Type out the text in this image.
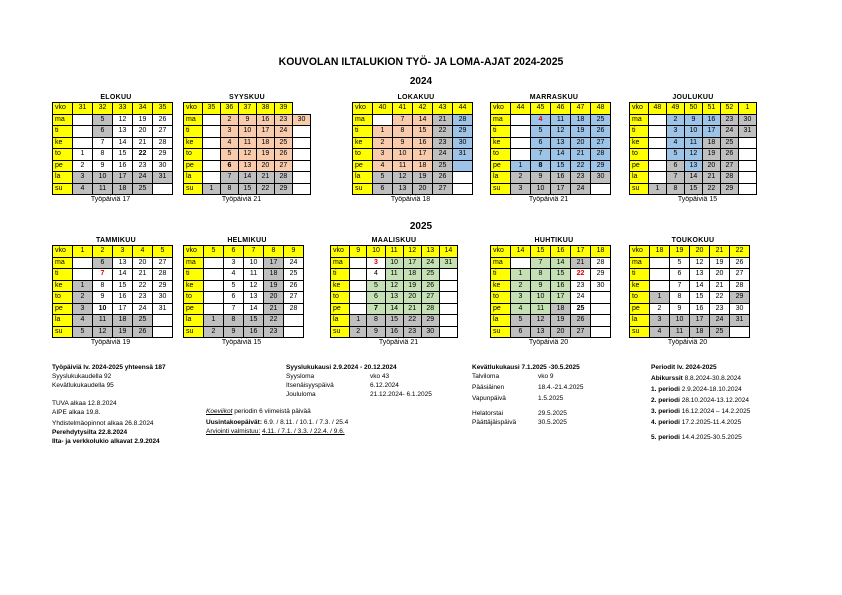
KOUVOLAN ILTALUKION TYÖ- JA LOMA-AJAT 2024-2025
2024
2025
ELOKUU
vko	31	32	33	34	35
ma		5	12	19	26
ti		6	13	20	27
ke		7	14	21	28
to	1	8	15	22	29
pe	2	9	16	23	30
la	3	10	17	24	31
su	4	11	18	25	
Työpäiviä 17
SYYSKUU
vko	35	36	37	38	39	
ma		2	9	16	23	30
ti		3	10	17	24	
ke		4	11	18	25	
to		5	12	19	26	
pe		6	13	20	27	
la		7	14	21	28	
su	1	8	15	22	29	
Työpäiviä 21
LOKAKUU
vko	40	41	42	43	44
ma		7	14	21	28
ti	1	8	15	22	29
ke	2	9	16	23	30
to	3	10	17	24	31
pe	4	11	18	25	
la	5	12	19	26	
su	6	13	20	27	
Työpäiviä 18
MARRASKUU
vko	44	45	46	47	48
ma		4	11	18	25
ti		5	12	19	26
ke		6	13	20	27
to		7	14	21	28
pe	1	8	15	22	29
la	2	9	16	23	30
su	3	10	17	24	
Työpäiviä 21
JOULUKUU
vko	48	49	50	51	52	1
ma		2	9	16	23	30
ti		3	10	17	24	31
ke		4	11	18	25	
to		5	12	19	26	
pe		6	13	20	27	
la		7	14	21	28	
su	1	8	15	22	29	
Työpäiviä 15
TAMMIKUU
vko	1	2	3	4	5
ma		6	13	20	27
ti		7	14	21	28
ke	1	8	15	22	29
to	2	9	16	23	30
pe	3	10	17	24	31
la	4	11	18	25	
su	5	12	19	26	
Työpäiviä 19
HELMIKUU
vko	5	6	7	8	9
ma		3	10	17	24
ti		4	11	18	25
ke		5	12	19	26
to		6	13	20	27
pe		7	14	21	28
la	1	8	15	22	
su	2	9	16	23	
Työpäiviä 15
MAALISKUU
vko	9	10	11	12	13	14
ma		3	10	17	24	31
ti		4	11	18	25	
ke		5	12	19	26	
to		6	13	20	27	
pe		7	14	21	28	
la	1	8	15	22	29	
su	2	9	16	23	30	
Työpäiviä 21
HUHTIKUU
vko	14	15	16	17	18
ma		7	14	21	28
ti	1	8	15	22	29
ke	2	9	16	23	30
to	3	10	17	24	
pe	4	11	18	25	
la	5	12	19	26	
su	6	13	20	27	
Työpäiviä 20
TOUKOKUU
vko	18	19	20	21	22
ma		5	12	19	26
ti		6	13	20	27
ke		7	14	21	28
to	1	8	15	22	29
pe	2	9	16	23	30
la	3	10	17	24	31
su	4	11	18	25	
Työpäiviä 20
Työpäiviä lv. 2024-2025 yhteensä 187
Syyslukukaudella 92
Kevätlukukaudella 95
TUVA alkaa 12.8.2024
AIPE alkaa 19.8.
Yhdistelmäopinnot alkaa 26.8.2024
Perehdytysilta 22.8.2024
Ilta- ja verkkolukio alkavat 2.9.2024
Syyslukukausi 2.9.2024 - 20.12.2024
Syysloma	vko 43
Itsenäisyyspäivä	6.12.2024
Joululoma	21.12.2024- 6.1.2025
Koeviikot periodin 6 viimeistä päivää
Uusintakoepäivät: 6.9. / 8.11. / 10.1. / 7.3. / 25.4
Arviointi valmistuu: 4.11. / 7.1. / 3.3. / 22.4. / 9.6.
Kevätlukukausi 7.1.2025 -30.5.2025
Talviloma	vko 9
Pääsiäinen	18.4.-21.4.2025
Vapunpäivä	1.5.2025
Helatorstai	29.5.2025
Päättäjäispäivä	30.5.2025
Periodit lv. 2024-2025
Abikurssit 8.8.2024-30.8.2024
1. periodi 2.9.2024-18.10.2024
2. periodi 28.10.2024-13.12.2024
3. periodi 16.12.2024 – 14.2.2025
4. periodi 17.2.2025-11.4.2025
5. periodi 14.4.2025-30.5.2025
